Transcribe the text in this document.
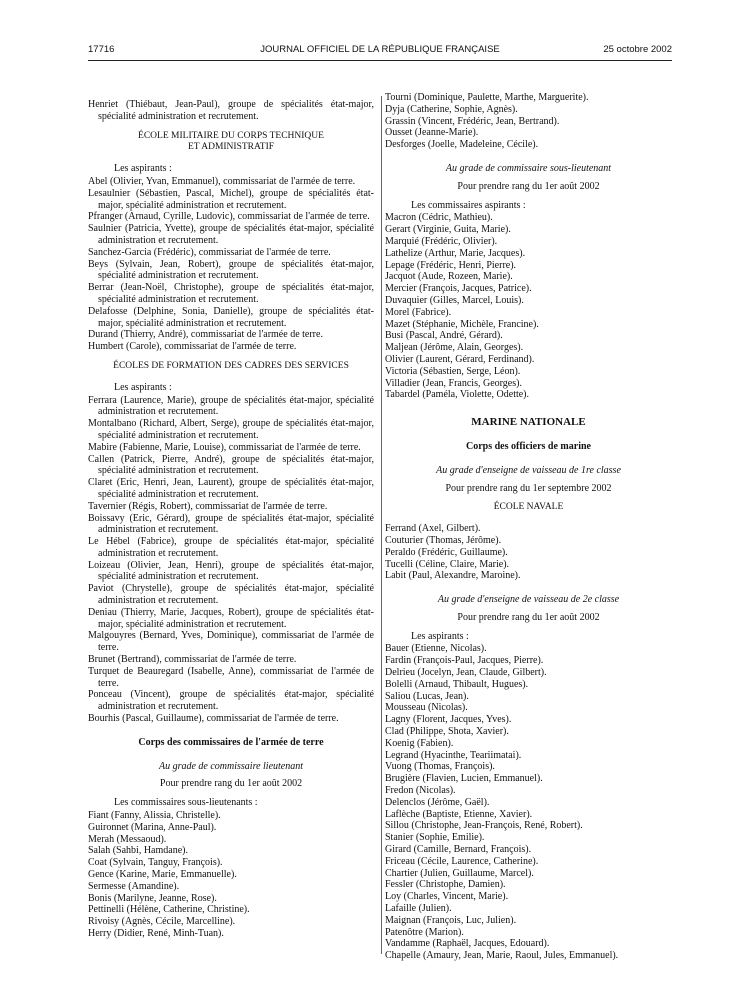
17716	JOURNAL OFFICIEL DE LA RÉPUBLIQUE FRANÇAISE	25 octobre 2002
Henriet (Thiébaut, Jean-Paul), groupe de spécialités état-major, spécialité administration et recrutement.
ÉCOLE MILITAIRE DU CORPS TECHNIQUE
ET ADMINISTRATIF
Les aspirants :
Abel (Olivier, Yvan, Emmanuel), commissariat de l'armée de terre.
Lesaulnier (Sébastien, Pascal, Michel), groupe de spécialités état-major, spécialité administration et recrutement.
Pfranger (Arnaud, Cyrille, Ludovic), commissariat de l'armée de terre.
Saulnier (Patricia, Yvette), groupe de spécialités état-major, spécialité administration et recrutement.
Sanchez-Garcia (Frédéric), commissariat de l'armée de terre.
Beys (Sylvain, Jean, Robert), groupe de spécialités état-major, spécialité administration et recrutement.
Berrar (Jean-Noël, Christophe), groupe de spécialités état-major, spécialité administration et recrutement.
Delafosse (Delphine, Sonia, Danielle), groupe de spécialités état-major, spécialité administration et recrutement.
Durand (Thierry, André), commissariat de l'armée de terre.
Humbert (Carole), commissariat de l'armée de terre.
ÉCOLES DE FORMATION DES CADRES DES SERVICES
Les aspirants :
Ferrara (Laurence, Marie), groupe de spécialités état-major, spécialité administration et recrutement.
Montalbano (Richard, Albert, Serge), groupe de spécialités état-major, spécialité administration et recrutement.
Mabire (Fabienne, Marie, Louise), commissariat de l'armée de terre.
Callen (Patrick, Pierre, André), groupe de spécialités état-major, spécialité administration et recrutement.
Claret (Eric, Henri, Jean, Laurent), groupe de spécialités état-major, spécialité administration et recrutement.
Tavernier (Régis, Robert), commissariat de l'armée de terre.
Boissavy (Eric, Gérard), groupe de spécialités état-major, spécialité administration et recrutement.
Le Hébel (Fabrice), groupe de spécialités état-major, spécialité administration et recrutement.
Loizeau (Olivier, Jean, Henri), groupe de spécialités état-major, spécialité administration et recrutement.
Paviot (Chrystelle), groupe de spécialités état-major, spécialité administration et recrutement.
Deniau (Thierry, Marie, Jacques, Robert), groupe de spécialités état-major, spécialité administration et recrutement.
Malgouyres (Bernard, Yves, Dominique), commissariat de l'armée de terre.
Brunet (Bertrand), commissariat de l'armée de terre.
Turquet de Beauregard (Isabelle, Anne), commissariat de l'armée de terre.
Ponceau (Vincent), groupe de spécialités état-major, spécialité administration et recrutement.
Bourhis (Pascal, Guillaume), commissariat de l'armée de terre.
Corps des commissaires de l'armée de terre
Au grade de commissaire lieutenant
Pour prendre rang du 1er août 2002
Les commissaires sous-lieutenants :
Fiant (Fanny, Alissia, Christelle).
Guironnet (Marina, Anne-Paul).
Merah (Messaoud).
Salah (Sahbi, Hamdane).
Coat (Sylvain, Tanguy, François).
Gence (Karine, Marie, Emmanuelle).
Sermesse (Amandine).
Bonis (Marilyne, Jeanne, Rose).
Pettinelli (Hélène, Catherine, Christine).
Rivoisy (Agnès, Cécile, Marcelline).
Herry (Didier, René, Minh-Tuan).
Tourni (Dominique, Paulette, Marthe, Marguerite).
Dyja (Catherine, Sophie, Agnès).
Grassin (Vincent, Frédéric, Jean, Bertrand).
Ousset (Jeanne-Marie).
Desforges (Joelle, Madeleine, Cécile).
Au grade de commissaire sous-lieutenant
Pour prendre rang du 1er août 2002
Les commissaires aspirants :
Macron (Cédric, Mathieu).
Gerart (Virginie, Guita, Marie).
Marquié (Frédéric, Olivier).
Lathelize (Arthur, Marie, Jacques).
Lepage (Frédéric, Henri, Pierre).
Jacquot (Aude, Rozeen, Marie).
Mercier (François, Jacques, Patrice).
Duvaquier (Gilles, Marcel, Louis).
Morel (Fabrice).
Mazet (Stéphanie, Michèle, Francine).
Busi (Pascal, André, Gérard).
Maljean (Jérôme, Alain, Georges).
Olivier (Laurent, Gérard, Ferdinand).
Victoria (Sébastien, Serge, Léon).
Villadier (Jean, Francis, Georges).
Tabardel (Paméla, Violette, Odette).
MARINE NATIONALE
Corps des officiers de marine
Au grade d'enseigne de vaisseau de 1re classe
Pour prendre rang du 1er septembre 2002
ÉCOLE NAVALE
Ferrand (Axel, Gilbert).
Couturier (Thomas, Jérôme).
Peraldo (Frédéric, Guillaume).
Tucelli (Céline, Claire, Marie).
Labit (Paul, Alexandre, Maroine).
Au grade d'enseigne de vaisseau de 2e classe
Pour prendre rang du 1er août 2002
Les aspirants :
Bauer (Etienne, Nicolas).
Fardin (François-Paul, Jacques, Pierre).
Delrieu (Jocelyn, Jean, Claude, Gilbert).
Bolelli (Arnaud, Thibault, Hugues).
Saliou (Lucas, Jean).
Mousseau (Nicolas).
Lagny (Florent, Jacques, Yves).
Clad (Philippe, Shota, Xavier).
Koenig (Fabien).
Legrand (Hyacinthe, Teariimatai).
Vuong (Thomas, François).
Brugière (Flavien, Lucien, Emmanuel).
Fredon (Nicolas).
Delenclos (Jérôme, Gaël).
Laflèche (Baptiste, Etienne, Xavier).
Sillou (Christophe, Jean-François, René, Robert).
Stanier (Sophie, Emilie).
Girard (Camille, Bernard, François).
Friceau (Cécile, Laurence, Catherine).
Chartier (Julien, Guillaume, Marcel).
Fessler (Christophe, Damien).
Loy (Charles, Vincent, Marie).
Lafaille (Julien).
Maignan (François, Luc, Julien).
Patenôtre (Marion).
Vandamme (Raphaël, Jacques, Edouard).
Chapelle (Amaury, Jean, Marie, Raoul, Jules, Emmanuel).
